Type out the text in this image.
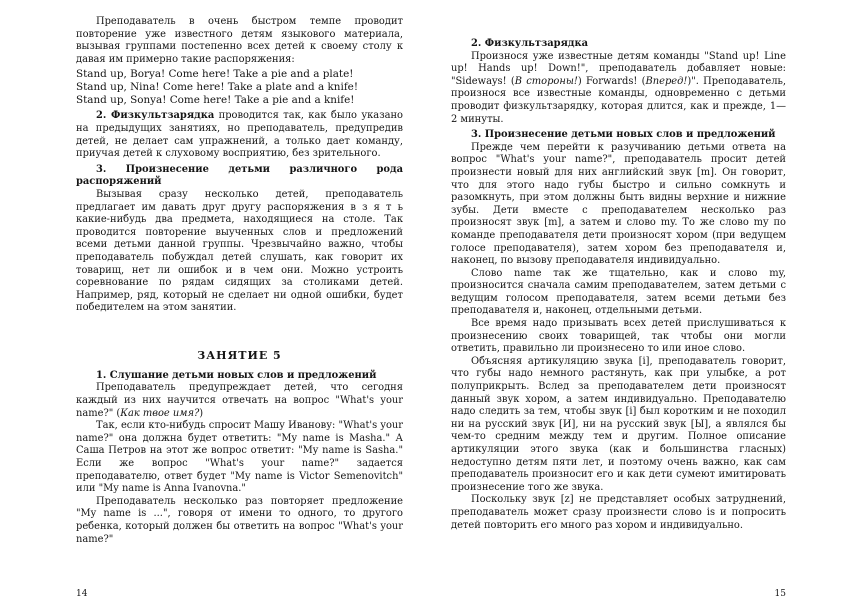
Преподаватель в очень быстром темпе проводит повторение уже известного детям языкового материала, вызывая группами постепенно всех детей к своему столу к давая им примерно такие распоряжения:

Stand up, Borya! Come here! Take a pie and a plate!

Stand up, Nina! Come here! Take a plate and a knife!

Stand up, Sonya! Come here! Take a pie and a knife!

2. Физкультзарядка проводится так, как было указано на предыдущих занятиях, но преподаватель, предупредив детей, не делает сам упражнений, а только дает команду, приучая детей к слуховому восприятию, без зрительного.

3. Произнесение детьми различного рода распоряжений

Вызывая сразу несколько детей, преподаватель предлагает им давать друг другу распоряжения в з я т ь какие-нибудь два предмета, находящиеся на столе. Так проводится повторение выученных слов и предложений всеми детьми данной группы. Чрезвычайно важно, чтобы преподаватель побуждал детей слушать, как говорит их товарищ, нет ли ошибок и в чем они. Можно устроить соревнование по рядам сидящих за столиками детей. Например, ряд, который не сделает ни одной ошибки, будет победителем на этом занятии.

ЗАНЯТИЕ 5

1. Слушание детьми новых слов и предложений

Преподаватель предупреждает детей, что сегодня каждый из них научится отвечать на вопрос "What's your name?" (Как твое имя?)

Так, если кто-нибудь спросит Машу Иванову: "What's your name?" она должна будет ответить: "My name is Masha." А Саша Петров на этот же вопрос ответит: "My name is Sasha." Если же вопрос "What's your name?" задается преподавателю, ответ будет "My name is Victor Semenovitch" или "My name is Anna Ivanovna."

Преподаватель несколько раз повторяет предложение "My name is ...", говоря от имени то одного, то другого ребенка, который должен бы ответить на вопрос "What's your name?"

14

2. Физкультзарядка

Произнося уже известные детям команды "Stand up! Line up! Hands up! Down!", преподаватель добавляет новые: "Sideways! (В стороны!) Forwards! (Вперед!)". Преподаватель, произнося все известные команды, одновременно с детьми проводит физкультзарядку, которая длится, как и прежде, 1—2 минуты.

3. Произнесение детьми новых слов и предложений

Прежде чем перейти к разучиванию детьми ответа на вопрос "What's your name?", преподаватель просит детей произнести новый для них английский звук [m]. Он говорит, что для этого надо губы быстро и сильно сомкнуть и разомкнуть, при этом должны быть видны верхние и нижние зубы. Дети вместе с преподавателем несколько раз произносят звук [m], а затем и слово my. То же слово my по команде преподавателя дети произносят хором (при ведущем голосе преподавателя), затем хором без преподавателя и, наконец, по вызову преподавателя индивидуально.

Слово name так же тщательно, как и слово my, произносится сначала самим преподавателем, затем детьми с ведущим голосом преподавателя, затем всеми детьми без преподавателя и, наконец, отдельными детьми.

Все время надо призывать всех детей прислушиваться к произнесению своих товарищей, так чтобы они могли ответить, правильно ли произнесено то или иное слово.

Объясняя артикуляцию звука [i], преподаватель говорит, что губы надо немного растянуть, как при улыбке, а рот полуприкрыть. Вслед за преподавателем дети произносят данный звук хором, а затем индивидуально. Преподавателю надо следить за тем, чтобы звук [i] был коротким и не походил ни на русский звук [И], ни на русский звук [Ы], а являлся бы чем-то средним между тем и другим. Полное описание артикуляции этого звука (как и большинства гласных) недоступно детям пяти лет, и поэтому очень важно, как сам преподаватель произносит его и как дети сумеют имитировать произнесение того же звука.

Поскольку звук [z] не представляет особых затруднений, преподаватель может сразу произнести слово is и попросить детей повторить его много раз хором и индивидуально.

15
